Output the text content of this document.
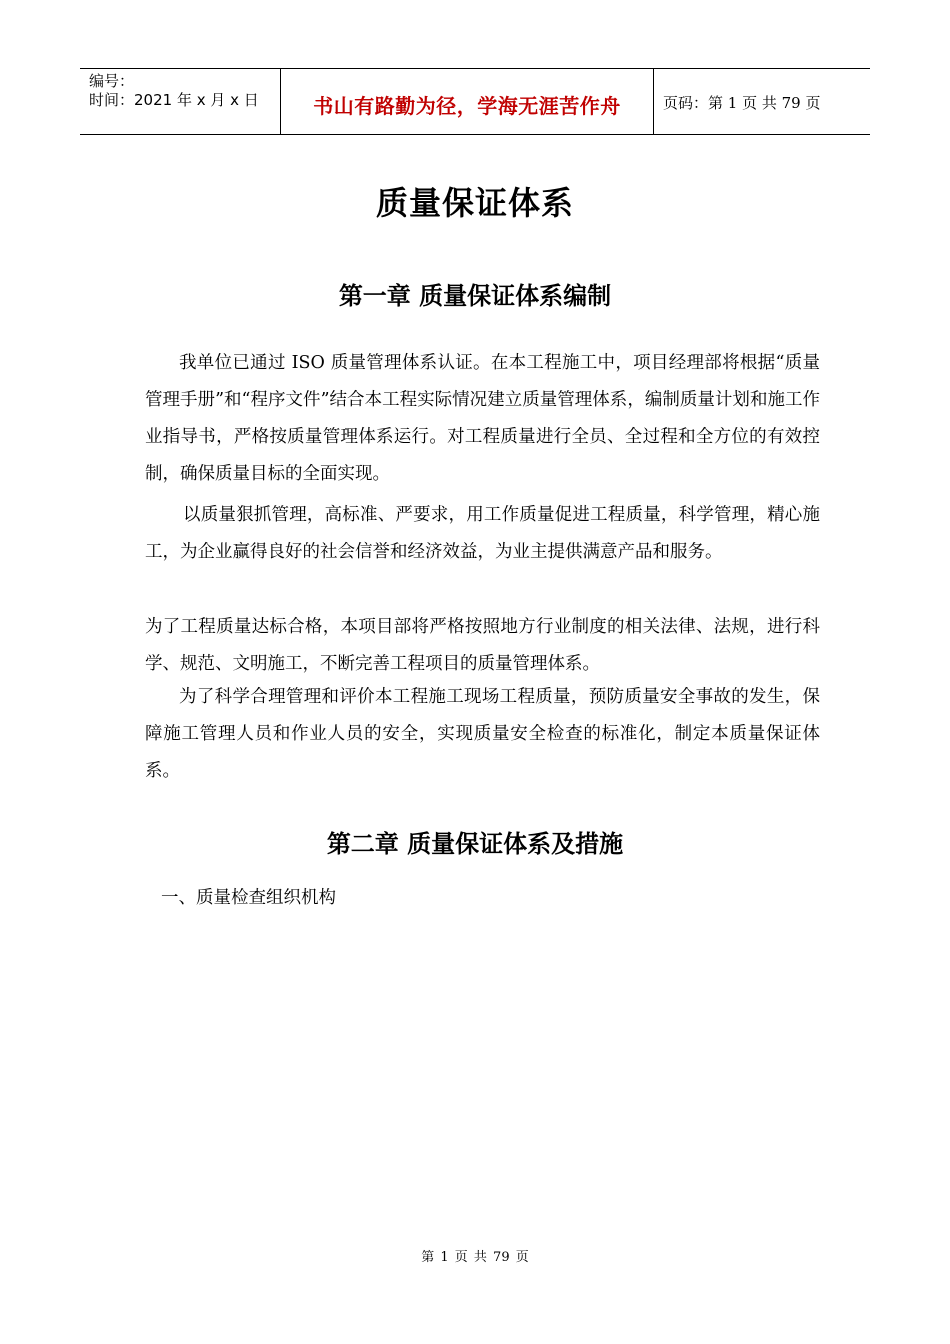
编号：
时间：2021 年 x 月 x 日	书山有路勤为径，学海无涯苦作舟	页码：第 1 页 共 79 页
质量保证体系
第一章 质量保证体系编制
我单位已通过 ISO 质量管理体系认证。在本工程施工中，项目经理部将根据“质量管理手册”和“程序文件”结合本工程实际情况建立质量管理体系，编制质量计划和施工作业指导书，严格按质量管理体系运行。对工程质量进行全员、全过程和全方位的有效控制，确保质量目标的全面实现。
以质量狠抓管理，高标准、严要求，用工作质量促进工程质量，科学管理，精心施工，为企业赢得良好的社会信誉和经济效益，为业主提供满意产品和服务。
为了工程质量达标合格，本项目部将严格按照地方行业制度的相关法律、法规，进行科学、规范、文明施工，不断完善工程项目的质量管理体系。
为了科学合理管理和评价本工程施工现场工程质量，预防质量安全事故的发生，保障施工管理人员和作业人员的安全，实现质量安全检查的标准化，制定本质量保证体系。
第二章 质量保证体系及措施
一、质量检查组织机构
第 1 页 共 79 页
